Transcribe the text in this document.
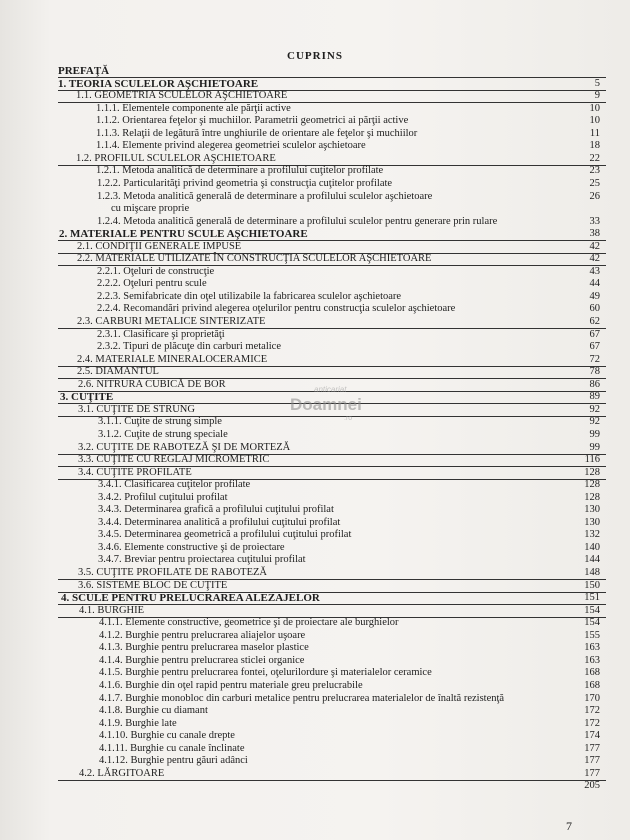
CUPRINS
PREFAŢĂ
1. TEORIA SCULELOR AŞCHIETOARE	5
1.1. GEOMETRIA SCULELOR AŞCHIETOARE	9
1.1.1. Elementele componente ale părţii active	10
1.1.2. Orientarea feţelor şi muchiilor. Parametrii geometrici ai părţii active	10
1.1.3. Relaţii de legătură între unghiurile de orientare ale feţelor şi muchiilor	11
1.1.4. Elemente privind alegerea geometriei sculelor aşchietoare	18
1.2. PROFILUL SCULELOR AŞCHIETOARE	22
1.2.1. Metoda analitică de determinare a profilului cuţitelor profilate	23
1.2.2. Particularităţi privind geometria şi construcţia cuţitelor profilate	25
1.2.3. Metoda analitică generală de determinare a profilului sculelor aşchietoare	26
cu mişcare proprie
1.2.4. Metoda analitică generală de determinare a profilului sculelor pentru generare prin rulare	33
2. MATERIALE PENTRU SCULE AŞCHIETOARE	38
2.1. CONDIŢII GENERALE IMPUSE	42
2.2. MATERIALE UTILIZATE ÎN CONSTRUCŢIA SCULELOR AŞCHIETOARE	42
2.2.1. Oţeluri de construcţie	43
2.2.2. Oţeluri pentru scule	44
2.2.3. Semifabricate din oţel utilizabile la fabricarea sculelor aşchietoare	49
2.2.4. Recomandări privind alegerea oţelurilor pentru construcţia sculelor aşchietoare	60
2.3. CARBURI METALICE SINTERIZATE	62
2.3.1. Clasificare şi proprietăţi	67
2.3.2. Tipuri de plăcuţe din carburi metalice	67
2.4. MATERIALE MINERALOCERAMICE	72
2.5. DIAMANTUL	78
2.6. NITRURA CUBICĂ DE BOR	86
3. CUŢITE	89
3.1. CUŢITE DE STRUNG	92
3.1.1. Cuţite de strung simple	92
3.1.2. Cuţite de strung speciale	99
3.2. CUŢITE DE RABOTEZĂ ŞI DE MORTEZĂ	99
3.3. CUŢITE CU REGLAJ MICROMETRIC	116
3.4. CUŢITE PROFILATE	128
3.4.1. Clasificarea cuţitelor profilate	128
3.4.2. Profilul cuţitului profilat	128
3.4.3. Determinarea grafică a profilului cuţitului profilat	130
3.4.4. Determinarea analitică a profilului cuţitului profilat	130
3.4.5. Determinarea geometrică a profilului cuţitului profilat	132
3.4.6. Elemente constructive şi de proiectare	140
3.4.7. Breviar pentru proiectarea cuţitului profilat	144
3.5. CUŢITE PROFILATE DE RABOTEZĂ	148
3.6. SISTEME BLOC DE CUŢITE	150
4. SCULE PENTRU PRELUCRAREA ALEZAJELOR	151
4.1. BURGHIE	154
4.1.1. Elemente constructive, geometrice şi de proiectare ale burghielor	154
4.1.2. Burghie pentru prelucrarea aliajelor uşoare	155
4.1.3. Burghie pentru prelucrarea maselor plastice	163
4.1.4. Burghie pentru prelucrarea sticlei organice	163
4.1.5. Burghie pentru prelucrarea fontei, oţelurilordure şi materialelor ceramice	168
4.1.6. Burghie din oţel rapid pentru materiale greu prelucrabile	168
4.1.7. Burghie monobloc din carburi metalice pentru prelucrarea materialelor de înaltă rezistenţă	170
4.1.8. Burghie cu diamant	172
4.1.9. Burghie late	172
4.1.10. Burghie cu canale drepte	174
4.1.11. Burghie cu canale înclinate	177
4.1.12. Burghie pentru găuri adânci	177
4.2. LĂRGITOARE	177
205
anticariat
Doamnei
.ro
7
